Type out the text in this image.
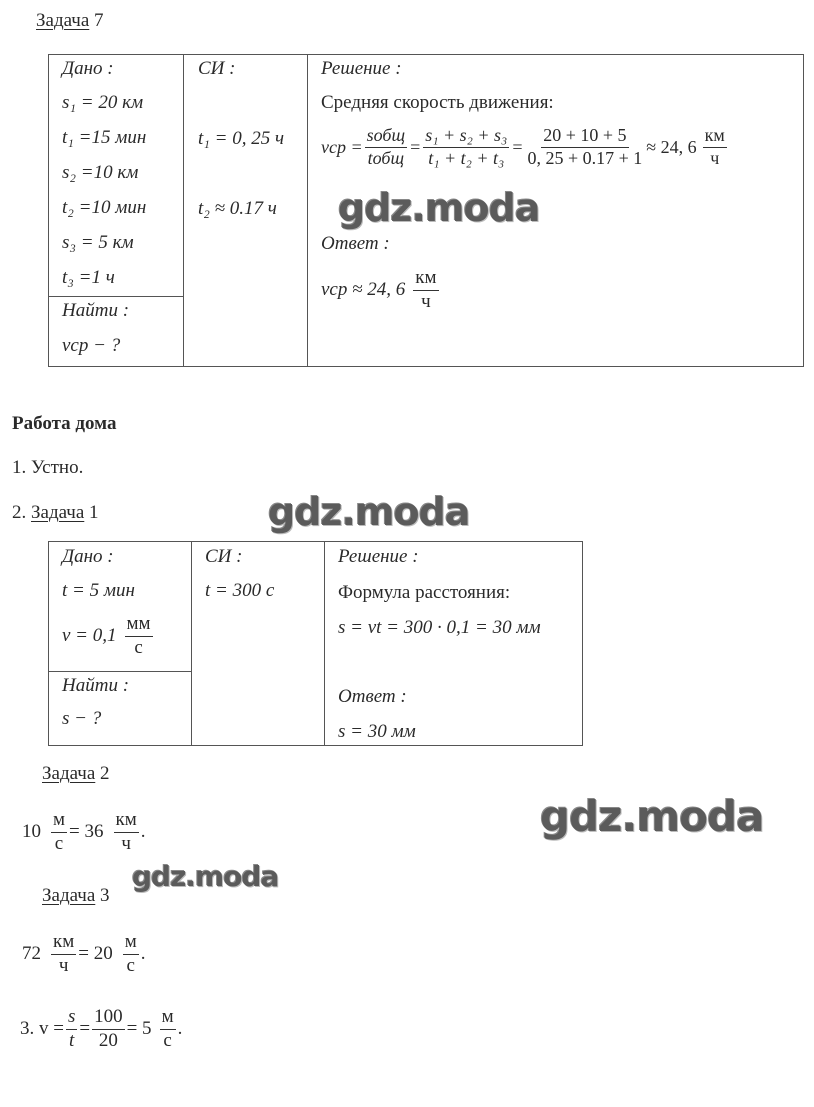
Задача 7
Дано :
s₁ = 20 км
t₁ =15 мин
s₂ =10 км
t₂ =10 мин
s₃ = 5 км
t₃ =1 ч
Найти :
vср − ?
СИ :
t₁ = 0, 25 ч
t₂ ≈ 0.17 ч
Решение :
Средняя скорость движения:
vср = $\frac{\text{sобщ}}{\text{tобщ}} = \frac{\text{s₁ + s₂ + s₃}}{\text{t₁ + t₂ + t₃}} = \frac{20 + 10 + 5}{0, 25 + 0.17 + 1} \approx 24$, $6 \frac{км}{ч}$
Ответ :
vср ≈ 24, $6 \frac{км}{ч}$
Работа дома
1. Устно.
2. Задача 1
Дано :
t = 5 мин
$v = 0,1 \frac{мм}{с}$
Найти :
s − ?
СИ :
t = 300 с
Решение :
Формула расстояния:
s = vt = 300 · 0,1 = 30 мм
Ответ :
s = 30 мм
Задача 2
$10 \frac{м}{с} = 36 \frac{км}{ч}$ .
Задача 3
$72 \frac{км}{ч} = 20 \frac{м}{с}$ .
3. $v = \frac{s}{t} = \frac{100}{20} = 5 \frac{м}{с}$ .
gdz.moda
gdz.moda
gdz.moda
gdz.moda
